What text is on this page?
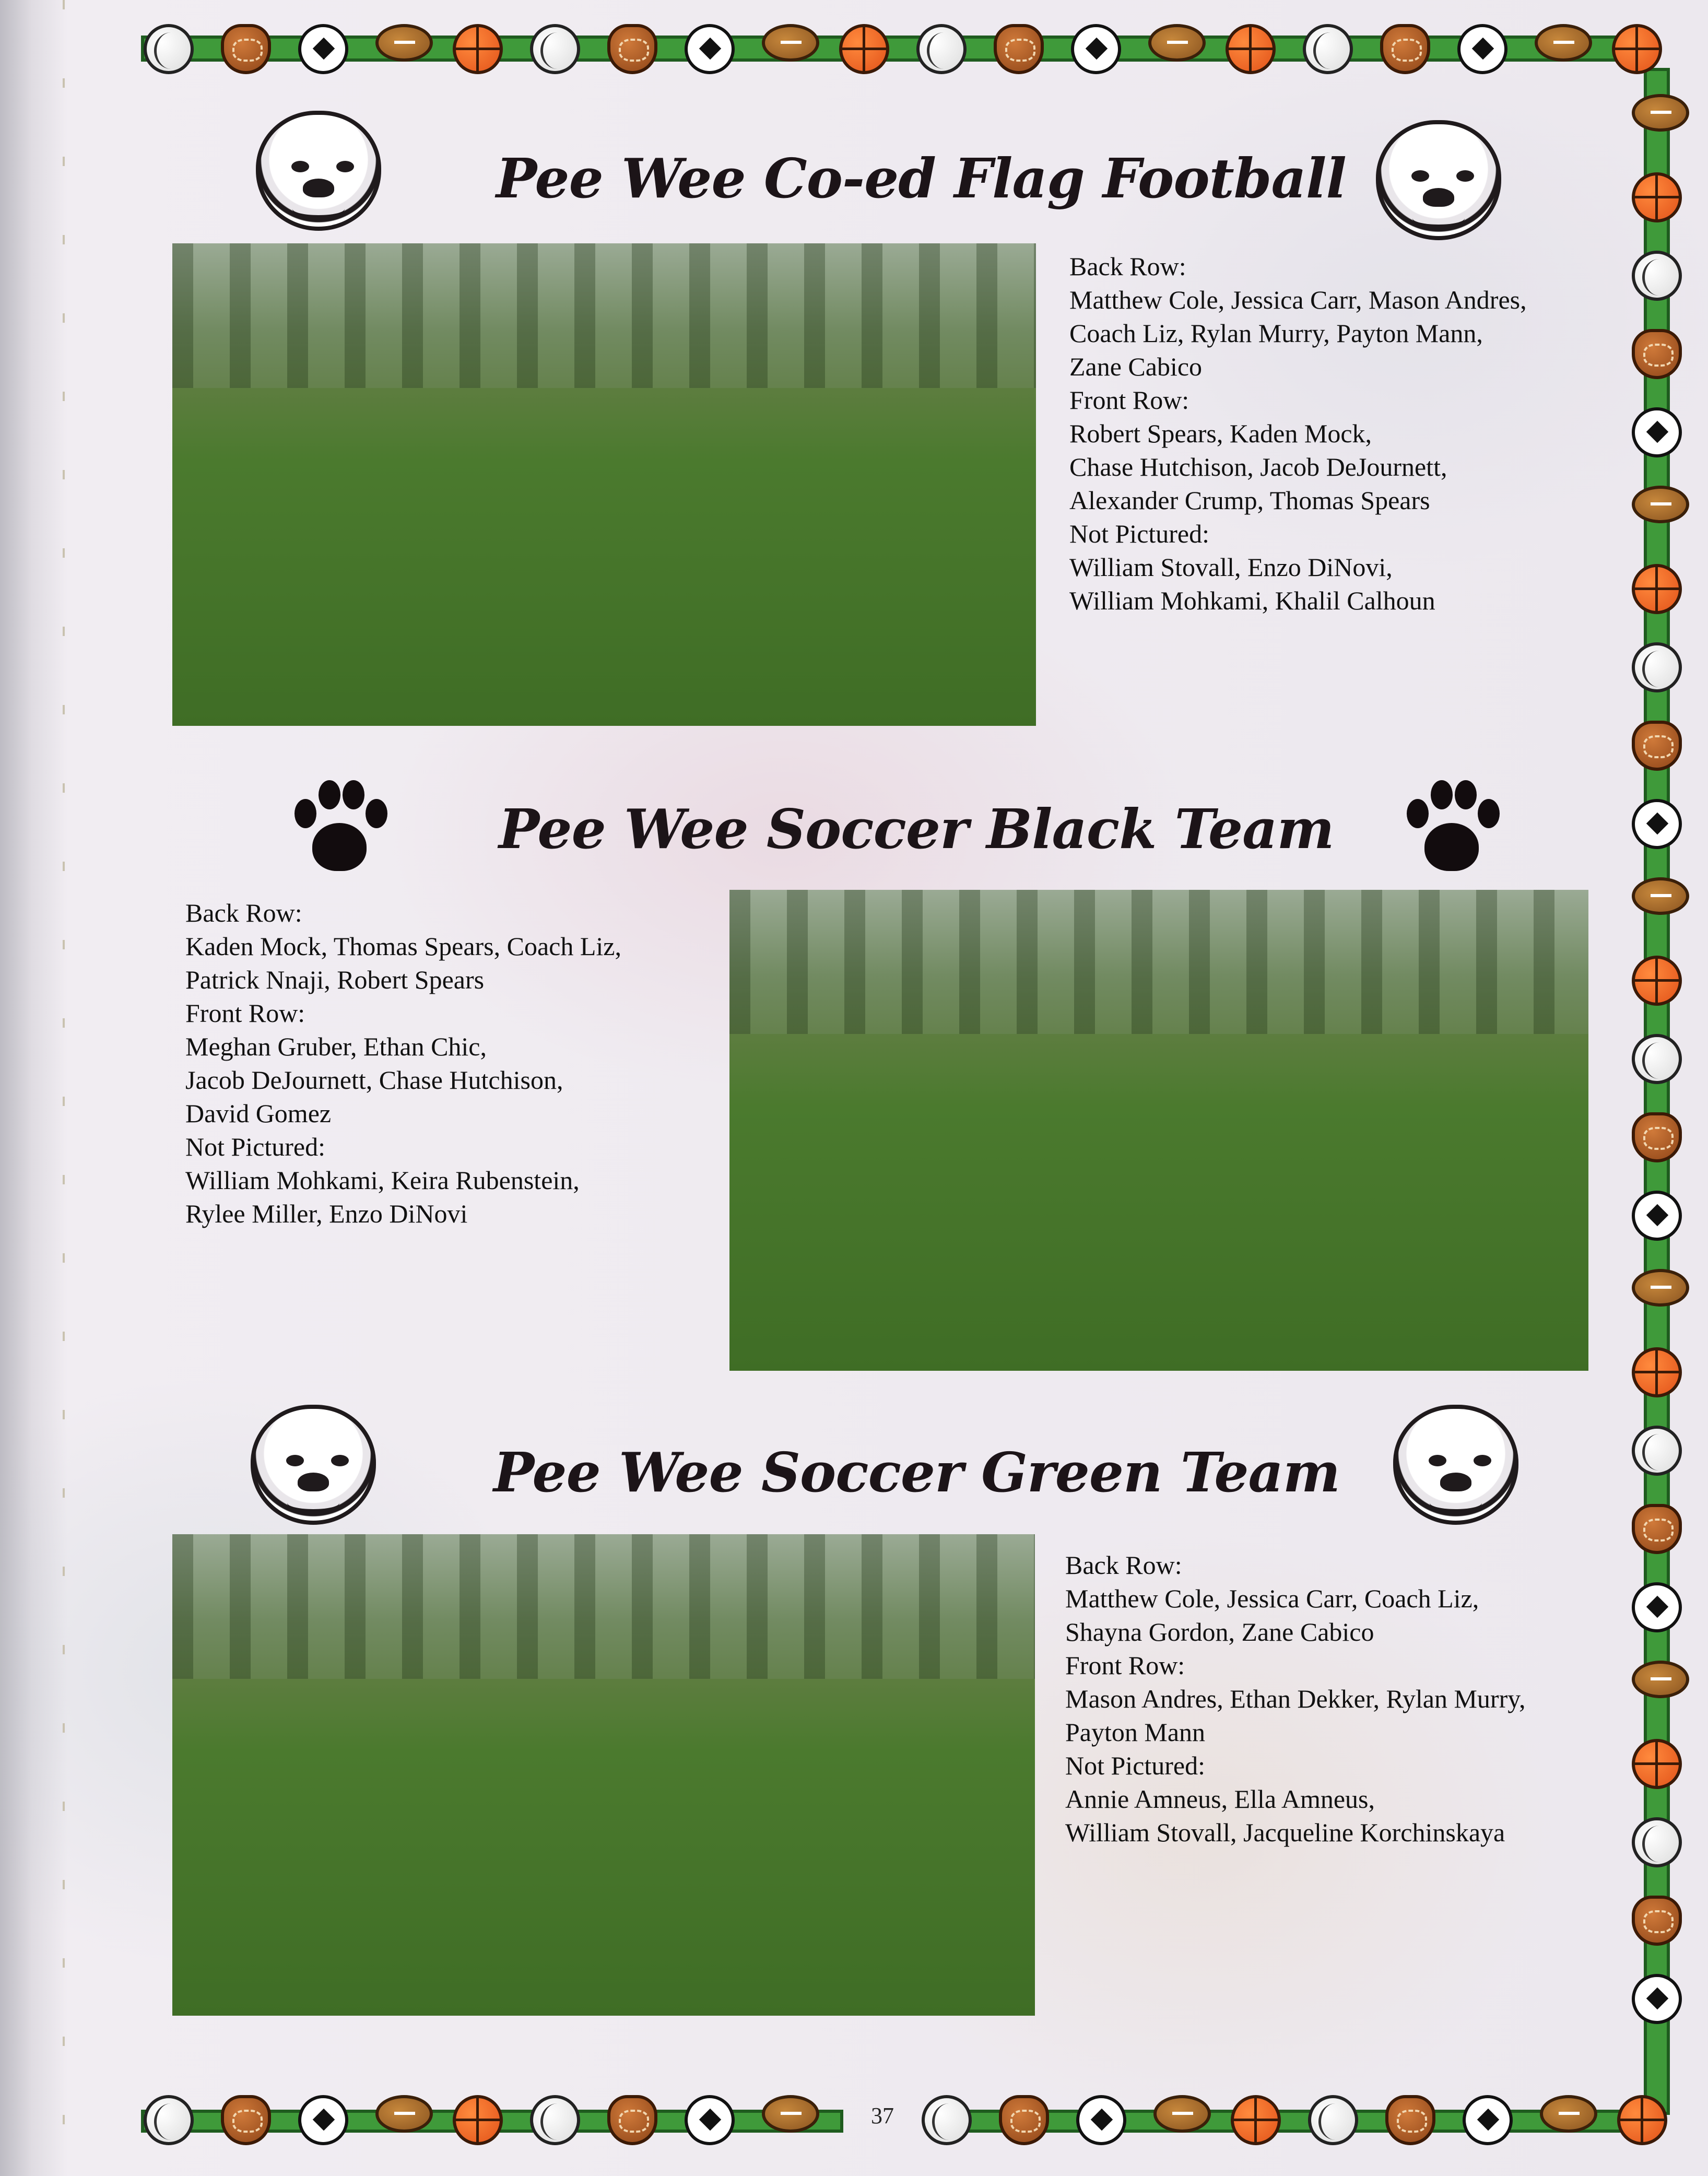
Pee Wee Co-ed Flag Football
Back Row:
Matthew Cole, Jessica Carr, Mason Andres,
Coach Liz, Rylan Murry, Payton Mann,
Zane Cabico
Front Row:
Robert Spears, Kaden Mock,
Chase Hutchison, Jacob DeJournett,
Alexander Crump, Thomas Spears
Not Pictured:
William Stovall, Enzo DiNovi,
William Mohkami, Khalil Calhoun
Pee Wee Soccer Black Team
Back Row:
Kaden Mock, Thomas Spears, Coach Liz,
Patrick Nnaji, Robert Spears
Front Row:
Meghan Gruber, Ethan Chic,
Jacob DeJournett, Chase Hutchison,
David Gomez
Not Pictured:
William Mohkami, Keira Rubenstein,
Rylee Miller, Enzo DiNovi
Pee Wee Soccer Green Team
Back Row:
Matthew Cole, Jessica Carr, Coach Liz,
Shayna Gordon, Zane Cabico
Front Row:
Mason Andres, Ethan Dekker, Rylan Murry,
Payton Mann
Not Pictured:
Annie Amneus, Ella Amneus,
William Stovall, Jacqueline Korchinskaya
37
